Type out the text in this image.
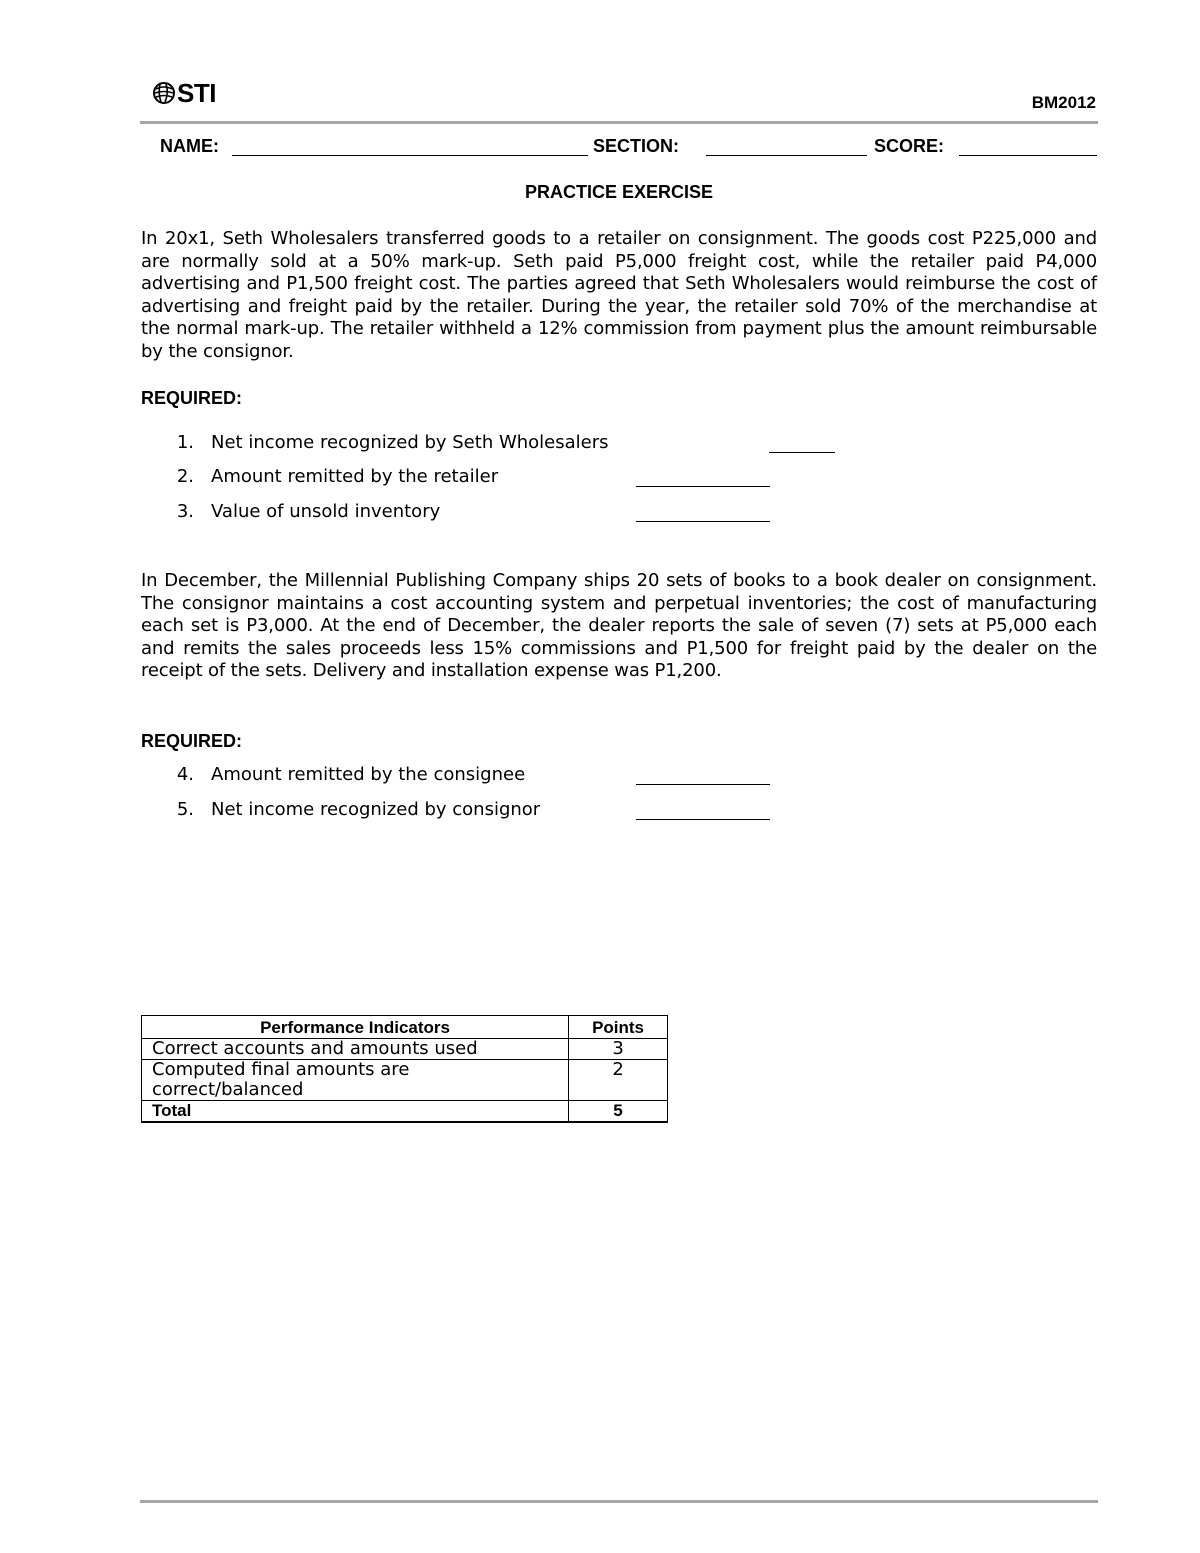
STI	BM2012
NAME:	SECTION:	SCORE:
PRACTICE EXERCISE
In 20x1, Seth Wholesalers transferred goods to a retailer on consignment. The goods cost P225,000 and are normally sold at a 50% mark-up. Seth paid P5,000 freight cost, while the retailer paid P4,000 advertising and P1,500 freight cost. The parties agreed that Seth Wholesalers would reimburse the cost of advertising and freight paid by the retailer. During the year, the retailer sold 70% of the merchandise at the normal mark-up. The retailer withheld a 12% commission from payment plus the amount reimbursable by the consignor.
REQUIRED:
1. Net income recognized by Seth Wholesalers
2. Amount remitted by the retailer
3. Value of unsold inventory
In December, the Millennial Publishing Company ships 20 sets of books to a book dealer on consignment. The consignor maintains a cost accounting system and perpetual inventories; the cost of manufacturing each set is P3,000. At the end of December, the dealer reports the sale of seven (7) sets at P5,000 each and remits the sales proceeds less 15% commissions and P1,500 for freight paid by the dealer on the receipt of the sets. Delivery and installation expense was P1,200.
REQUIRED:
4. Amount remitted by the consignee
5. Net income recognized by consignor
Performance Indicators	Points
Correct accounts and amounts used	3
Computed final amounts are correct/balanced	2
Total	5
